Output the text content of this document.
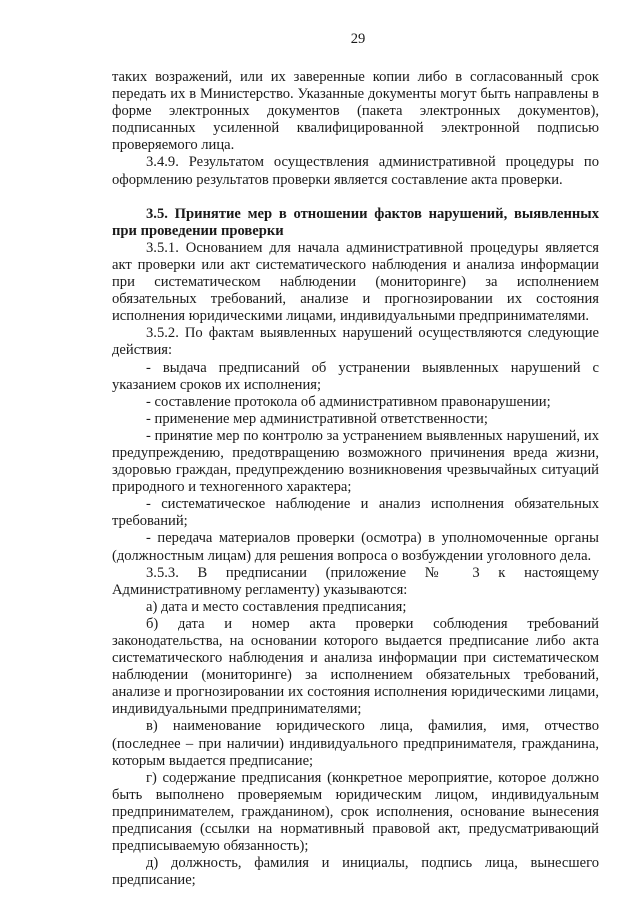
29

таких возражений, или их заверенные копии либо в согласованный срок передать их в Министерство. Указанные документы могут быть направлены в форме электронных документов (пакета электронных документов), подписанных усиленной квалифицированной электронной подписью проверяемого лица.

3.4.9. Результатом осуществления административной процедуры по оформлению результатов проверки является составление акта проверки.

3.5. Принятие мер в отношении фактов нарушений, выявленных при проведении проверки

3.5.1. Основанием для начала административной процедуры является акт проверки или акт систематического наблюдения и анализа информации при систематическом наблюдении (мониторинге) за исполнением обязательных требований, анализе и прогнозировании их состояния исполнения юридическими лицами, индивидуальными предпринимателями.

3.5.2. По фактам выявленных нарушений осуществляются следующие действия:

- выдача предписаний об устранении выявленных нарушений с указанием сроков их исполнения;

- составление протокола об административном правонарушении;

- применение мер административной ответственности;

- принятие мер по контролю за устранением выявленных нарушений, их предупреждению, предотвращению возможного причинения вреда жизни, здоровью граждан, предупреждению возникновения чрезвычайных ситуаций природного и техногенного характера;

- систематическое наблюдение и анализ исполнения обязательных требований;

- передача материалов проверки (осмотра) в уполномоченные органы (должностным лицам) для решения вопроса о возбуждении уголовного дела.

3.5.3. В предписании (приложение № 3 к настоящему Административному регламенту) указываются:

а) дата и место составления предписания;

б) дата и номер акта проверки соблюдения требований законодательства, на основании которого выдается предписание либо акта систематического наблюдения и анализа информации при систематическом наблюдении (мониторинге) за исполнением обязательных требований, анализе и прогнозировании их состояния исполнения юридическими лицами, индивидуальными предпринимателями;

в) наименование юридического лица, фамилия, имя, отчество (последнее – при наличии) индивидуального предпринимателя, гражданина, которым выдается предписание;

г) содержание предписания (конкретное мероприятие, которое должно быть выполнено проверяемым юридическим лицом, индивидуальным предпринимателем, гражданином), срок исполнения, основание вынесения предписания (ссылки на нормативный правовой акт, предусматривающий предписываемую обязанность);

д) должность, фамилия и инициалы, подпись лица, вынесшего предписание;
